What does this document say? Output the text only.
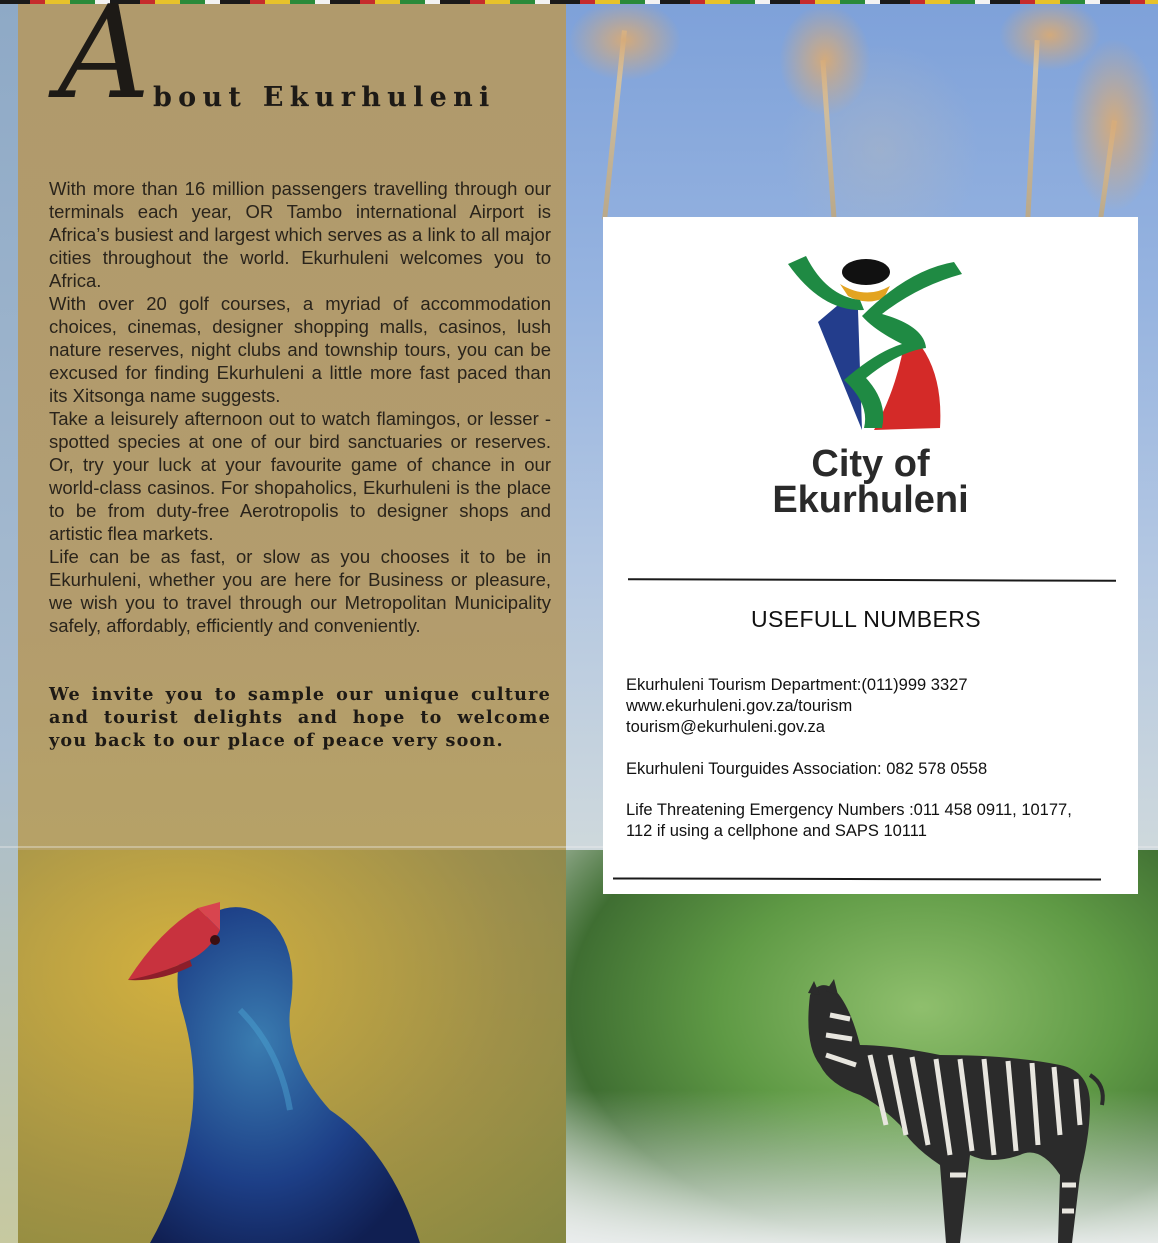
A bout Ekurhuleni

With more than 16 million passengers travelling through our terminals each year, OR Tambo international Airport is Africa’s busiest and largest which serves as a link to all major cities throughout the world. Ekurhuleni welcomes you to Africa.

With over 20 golf courses, a myriad of accommodation choices, cinemas, designer shopping malls, casinos, lush nature reserves, night clubs and township tours, you can be excused for finding Ekurhuleni a little more fast paced than its Xitsonga name suggests.

Take a leisurely afternoon out to watch flamingos, or lesser -spotted species at one of our bird sanctuaries or reserves. Or, try your luck at your favourite game of chance in our world-class casinos. For shopaholics, Ekurhuleni is the place to be from duty-free Aerotropolis to designer shops and artistic flea markets.

Life can be as fast, or slow as you chooses it to be in Ekurhuleni, whether you are here for Business or pleasure, we wish you to travel through our Metropolitan Municipality safely, affordably, efficiently and conveniently.

We invite you to sample our unique culture and tourist delights and hope to welcome you back to our place of peace very soon.
City of
Ekurhuleni
USEFULL NUMBERS
Ekurhuleni Tourism Department:(011)999 3327
www.ekurhuleni.gov.za/tourism
tourism@ekurhuleni.gov.za
Ekurhuleni Tourguides Association: 082 578 0558
Life Threatening Emergency Numbers :011 458 0911, 10177,
112 if using a cellphone and SAPS 10111
